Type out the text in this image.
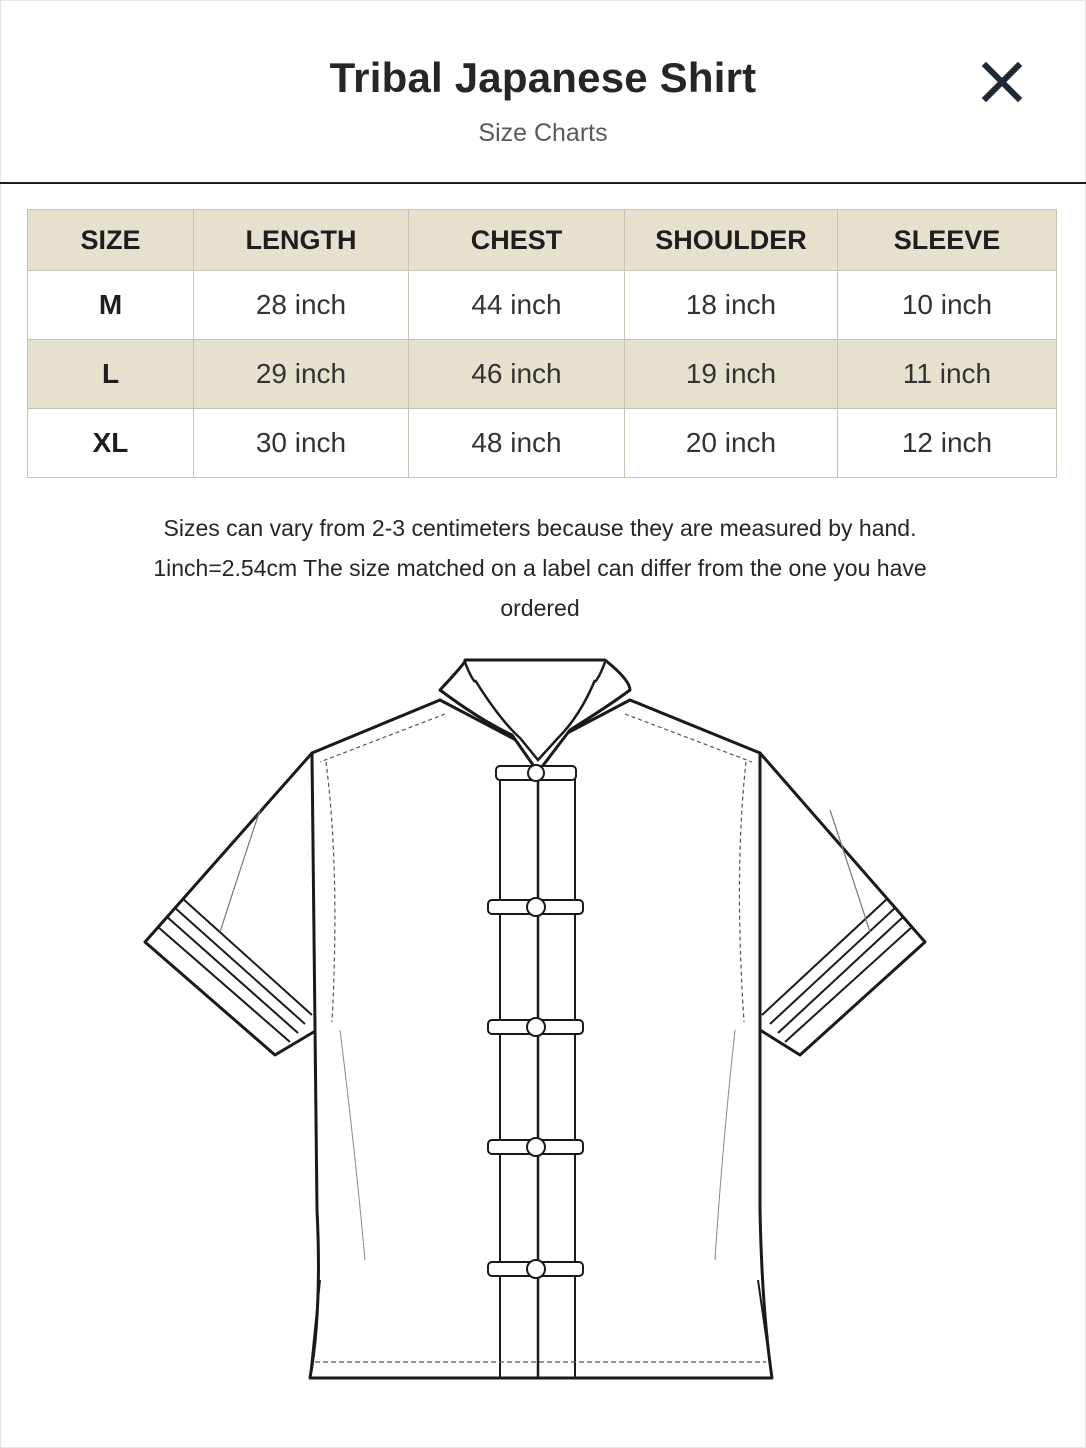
Tribal Japanese Shirt
Size Charts
SIZE	LENGTH	CHEST	SHOULDER	SLEEVE
M	28 inch	44 inch	18 inch	10 inch
L	29 inch	46 inch	19 inch	11 inch
XL	30 inch	48 inch	20 inch	12 inch
Sizes can vary from 2-3 centimeters because they are measured by hand.
1inch=2.54cm The size matched on a label can differ from the one you have
ordered
